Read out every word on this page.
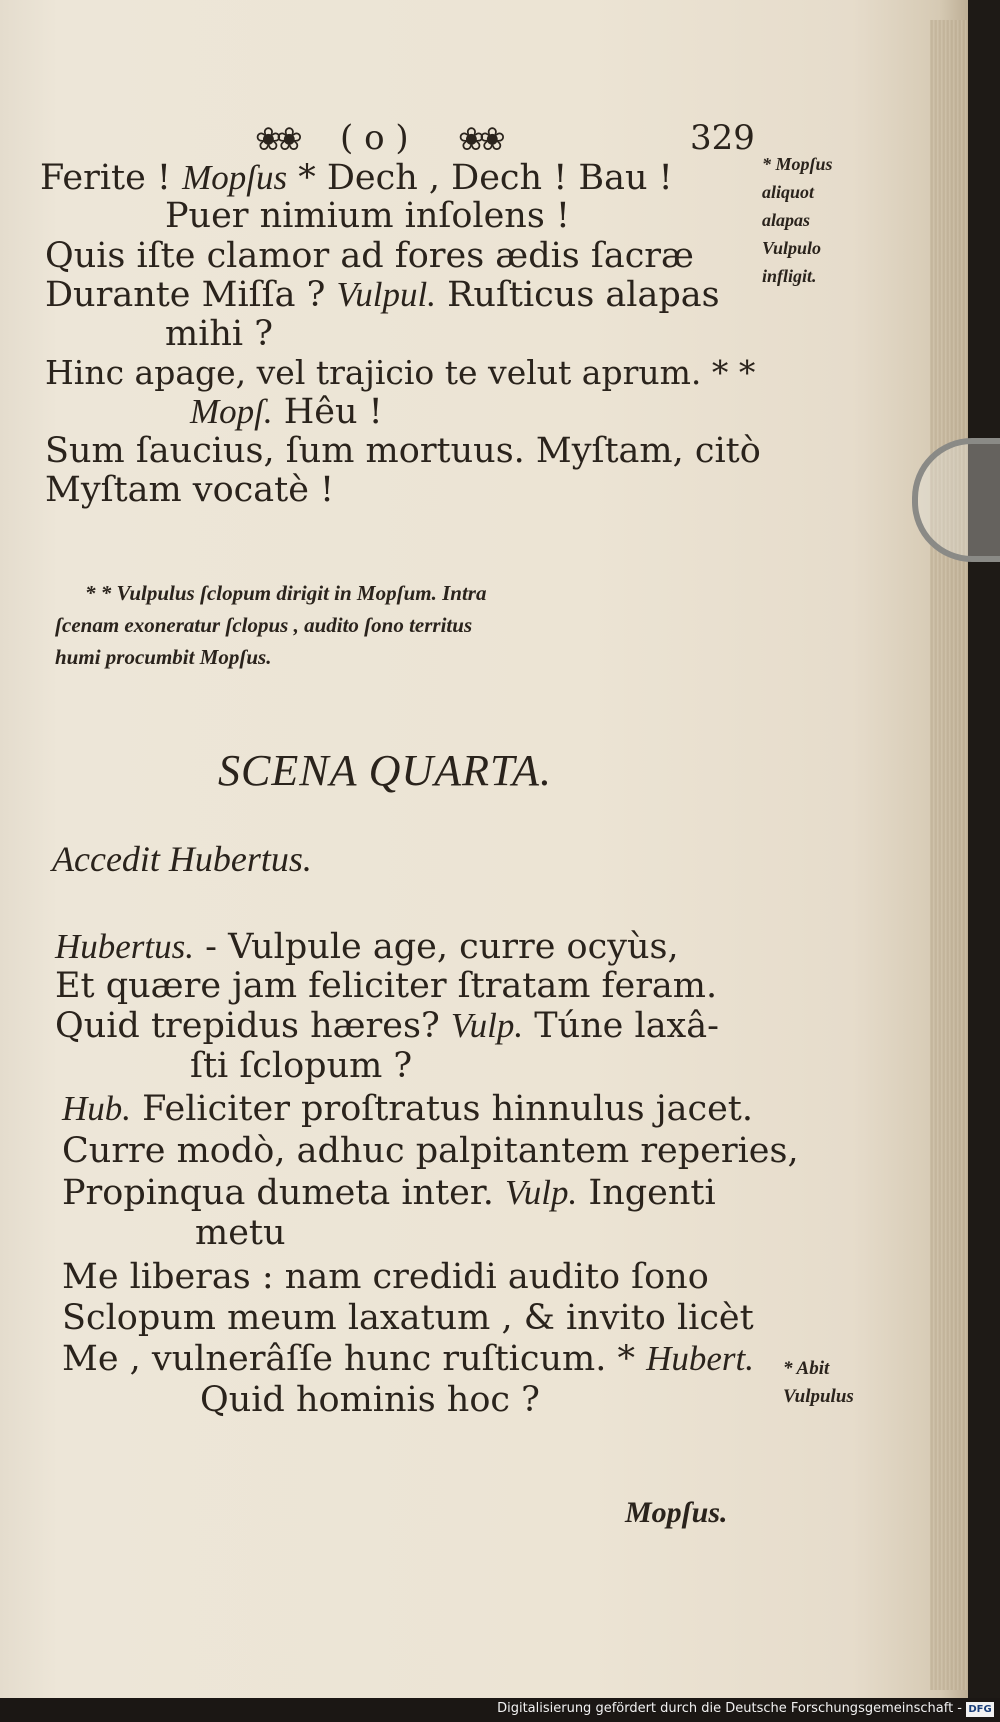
❀❀ ( o ) ❀❀	329
Ferite ! Mopſus * Dech , Dech ! Bau !
Puer nimium inſolens !
Quis iſte clamor ad fores ædis ſacræ
Durante Miſſa ? Vulpul. Ruſticus alapas
mihi ?
Hinc apage, vel trajicio te velut aprum. * *
Mopſ. Hêu !
Sum ſaucius, ſum mortuus. Myſtam, citò
Myſtam vocatè !
* Mopſus aliquot alapas Vulpulo infligit.
* * Vulpulus ſclopum dirigit in Mopſum. Intra
ſcenam exoneratur ſclopus , audito ſono territus
humi procumbit Mopſus.
SCENA QUARTA.
Accedit Hubertus.
Hubertus. - Vulpule age, curre ocyùs,
Et quære jam feliciter ſtratam feram.
Quid trepidus hæres? Vulp. Túne laxâ-
ſti ſclopum ?
Hub. Feliciter proſtratus hinnulus jacet.
Curre modò, adhuc palpitantem reperies,
Propinqua dumeta inter. Vulp. Ingenti
metu
Me liberas : nam credidi audito ſono
Sclopum meum laxatum , & invito licèt
Me , vulnerâſſe hunc ruſticum. * Hubert.
Quid hominis hoc ?
* Abit Vulpulus
Mopſus.
Digitalisierung gefördert durch die Deutsche Forschungsgemeinschaft - DFG
